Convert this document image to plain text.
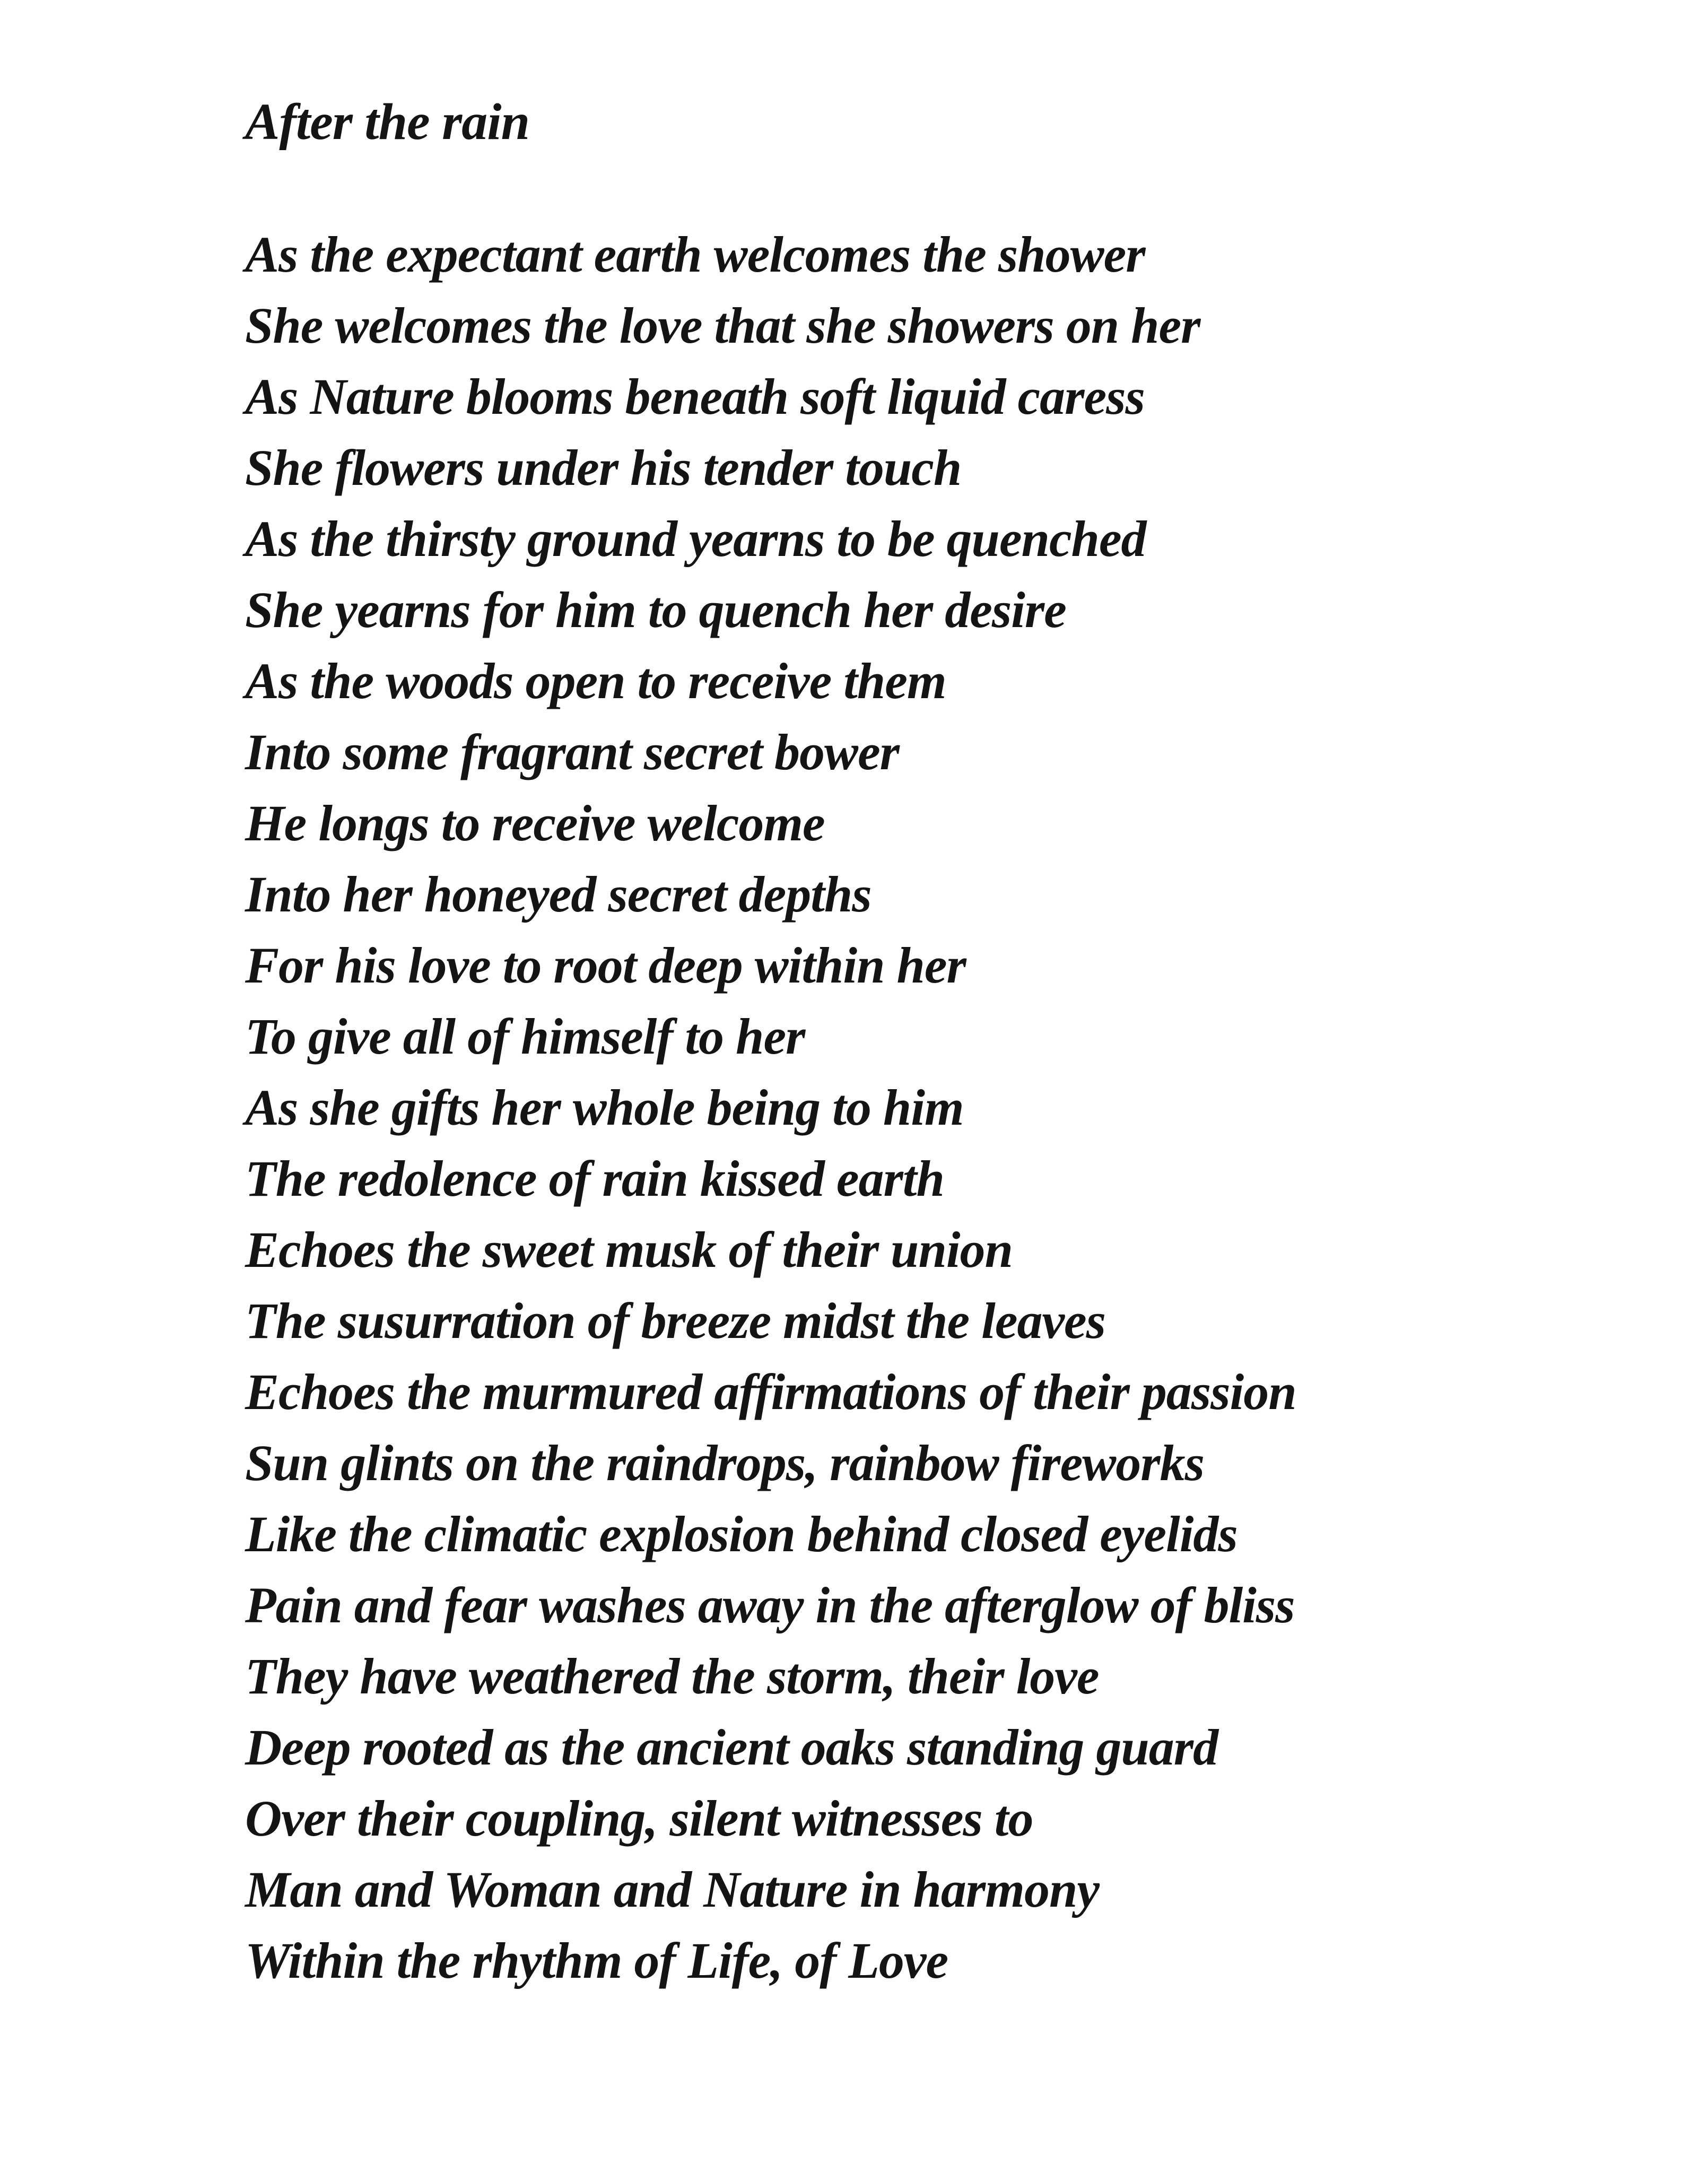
After the rain
As the expectant earth welcomes the shower
She welcomes the love that she showers on her
As Nature blooms beneath soft liquid caress
She flowers under his tender touch
As the thirsty ground yearns to be quenched
She yearns for him to quench her desire
As the woods open to receive them
Into some fragrant secret bower
He longs to receive welcome
Into her honeyed secret depths
For his love to root deep within her
To give all of himself to her
As she gifts her whole being to him
The redolence of rain kissed earth
Echoes the sweet musk of their union
The susurration of breeze midst the leaves
Echoes the murmured affirmations of their passion
Sun glints on the raindrops, rainbow fireworks
Like the climatic explosion behind closed eyelids
Pain and fear washes away in the afterglow of bliss
They have weathered the storm, their love
Deep rooted as the ancient oaks standing guard
Over their coupling, silent witnesses to
Man and Woman and Nature in harmony
Within the rhythm of Life, of Love
